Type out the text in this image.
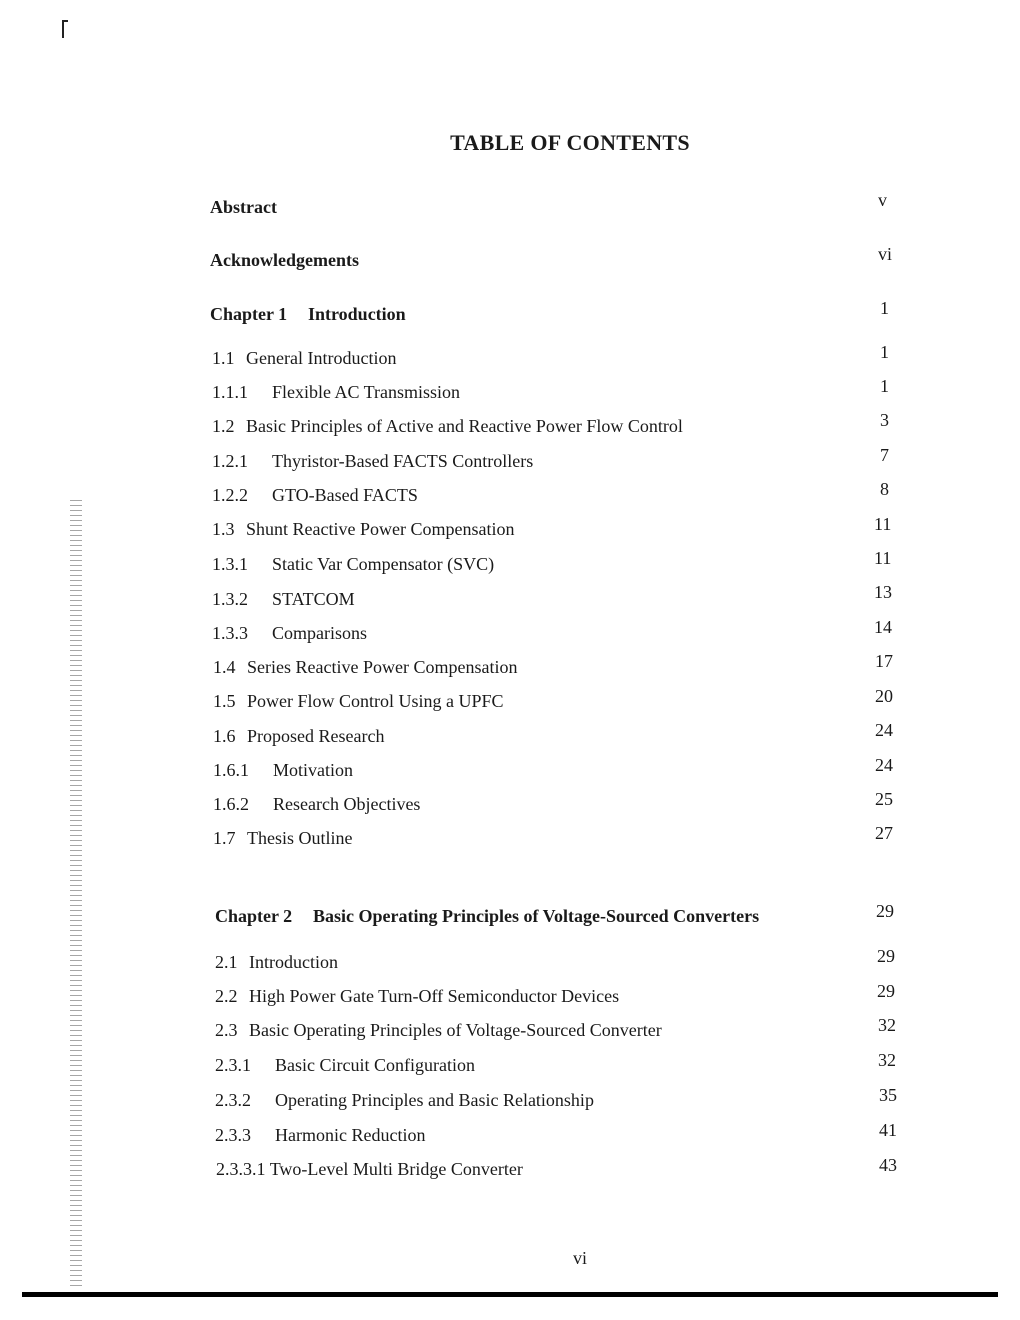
TABLE OF CONTENTS
Abstract	v
Acknowledgements	vi
Chapter 1 Introduction	1
1.1 General Introduction	1
1.1.1 Flexible AC Transmission	1
1.2 Basic Principles of Active and Reactive Power Flow Control	3
1.2.1 Thyristor-Based FACTS Controllers	7
1.2.2 GTO-Based FACTS	8
1.3 Shunt Reactive Power Compensation	11
1.3.1 Static Var Compensator (SVC)	11
1.3.2 STATCOM	13
1.3.3 Comparisons	14
1.4 Series Reactive Power Compensation	17
1.5 Power Flow Control Using a UPFC	20
1.6 Proposed Research	24
1.6.1 Motivation	24
1.6.2 Research Objectives	25
1.7 Thesis Outline	27
Chapter 2 Basic Operating Principles of Voltage-Sourced Converters	29
2.1 Introduction	29
2.2 High Power Gate Turn-Off Semiconductor Devices	29
2.3 Basic Operating Principles of Voltage-Sourced Converter	32
2.3.1 Basic Circuit Configuration	32
2.3.2 Operating Principles and Basic Relationship	35
2.3.3 Harmonic Reduction	41
2.3.3.1 Two-Level Multi Bridge Converter	43
vi
